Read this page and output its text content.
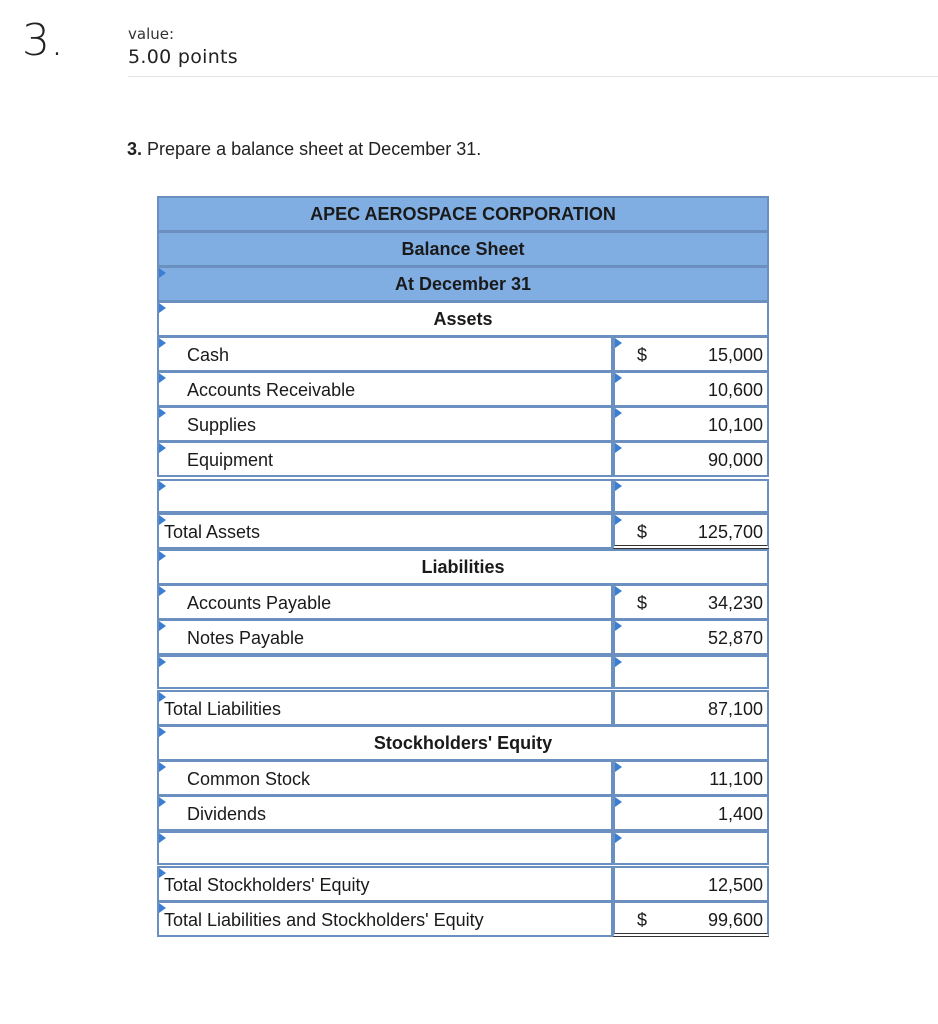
3.	value:
5.00 points
3. Prepare a balance sheet at December 31.
APEC AEROSPACE CORPORATION
Balance Sheet
At December 31
Assets
Cash	$	15,000
Accounts Receivable	10,600
Supplies	10,100
Equipment	90,000
Total Assets	$	125,700
Liabilities
Accounts Payable	$	34,230
Notes Payable	52,870
Total Liabilities	87,100
Stockholders' Equity
Common Stock	11,100
Dividends	1,400
Total Stockholders' Equity	12,500
Total Liabilities and Stockholders' Equity	$	99,600
